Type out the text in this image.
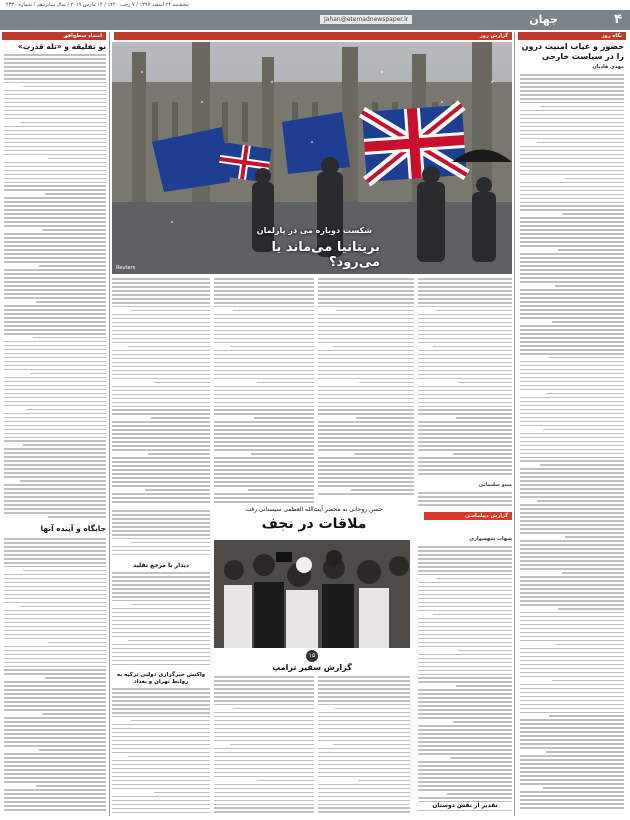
پنجشنبه ۲۴ اسفند ۱۳۹۷ / ۷ رجب ۱۴۴۰ / ۱۴ مارس ۲۰۱۹ / سال شانزدهم / شماره ۴۳۳۰
Jahan@etemadnewspaper.ir	جهان	۴
نگاه روز
حضور و غیاب امنیت درون زا در سیاست خارجی
مهدی هادیان
گزارش روز
شکست دوباره می در پارلمان
بریتانیا می‌ماند یا می‌رود؟
Reuters
مینو سلیمانی
گزارش دیپلماسی
حسن روحانی به محضر آیت‌الله العظمی سیستانی رفت
ملاقات در نجف
۱۵
گزارش سفیر ترامپ
شهاب شهسواری
دیدار با مرجع تقلید
واکنش خبرگزاری دولتی ترکیه به روابط تهران و بغداد
تقدیر از نقش دوستان
امتداد سطح‌افق
نو تفلیقه و «تله قدرت»
جایگاه و آینده آنها
